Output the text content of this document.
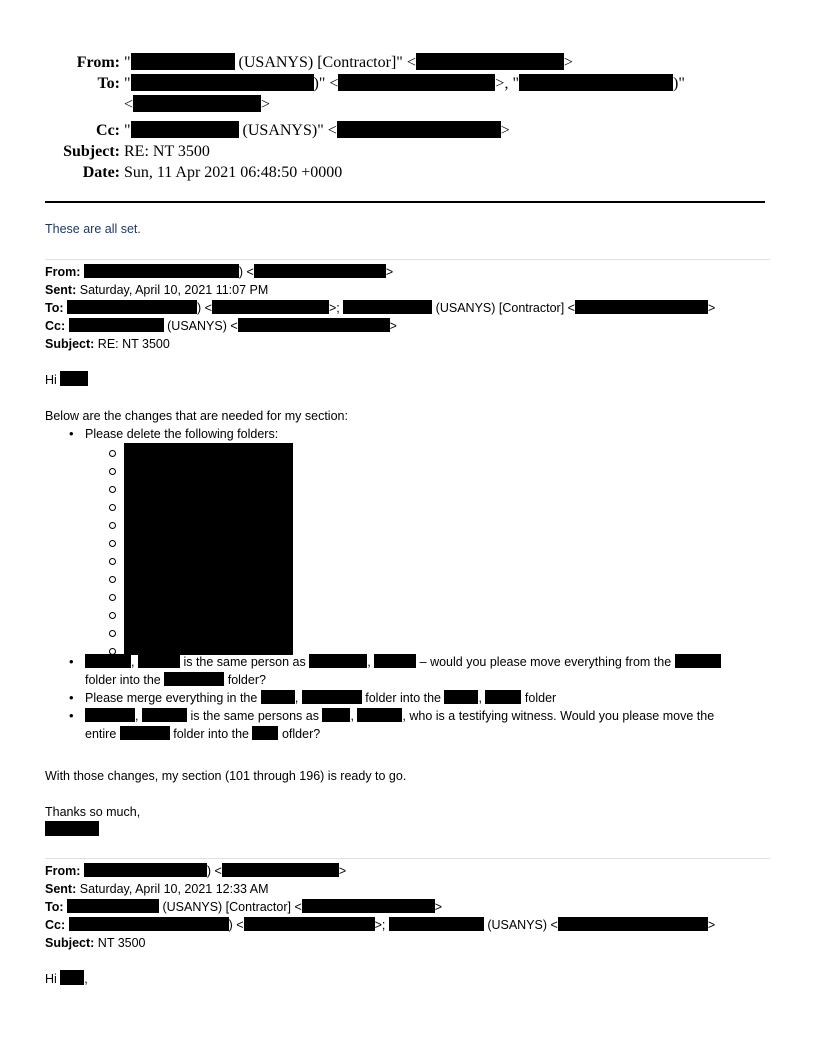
From: "	(USANYS) [Contractor]" <	>
To: "	)" <	>, "	)"
<	>
Cc: "	(USANYS)" <	>
Subject: RE: NT 3500
Date: Sun, 11 Apr 2021 06:48:50 +0000
These are all set.
From:	) <	>
Sent: Saturday, April 10, 2021 11:07 PM
To:	) <	>;	(USANYS) [Contractor] <	>
Cc:	(USANYS) <	>
Subject: RE: NT 3500
Hi
Below are the changes that are needed for my section:
• Please delete the following folders:
• ,	is the same person as	,	– would you please move everything from the
folder into the	folder?
• Please merge everything in the	,	folder into the	,	folder
• ,	is the same persons as	,	, who is a testifying witness. Would you please move the
entire	folder into the	oflder?
With those changes, my section (101 through 196) is ready to go.
Thanks so much,
From:	) <	>
Sent: Saturday, April 10, 2021 12:33 AM
To:	(USANYS) [Contractor] <	>
Cc:	) <	>;	(USANYS) <	>
Subject: NT 3500
Hi ,
